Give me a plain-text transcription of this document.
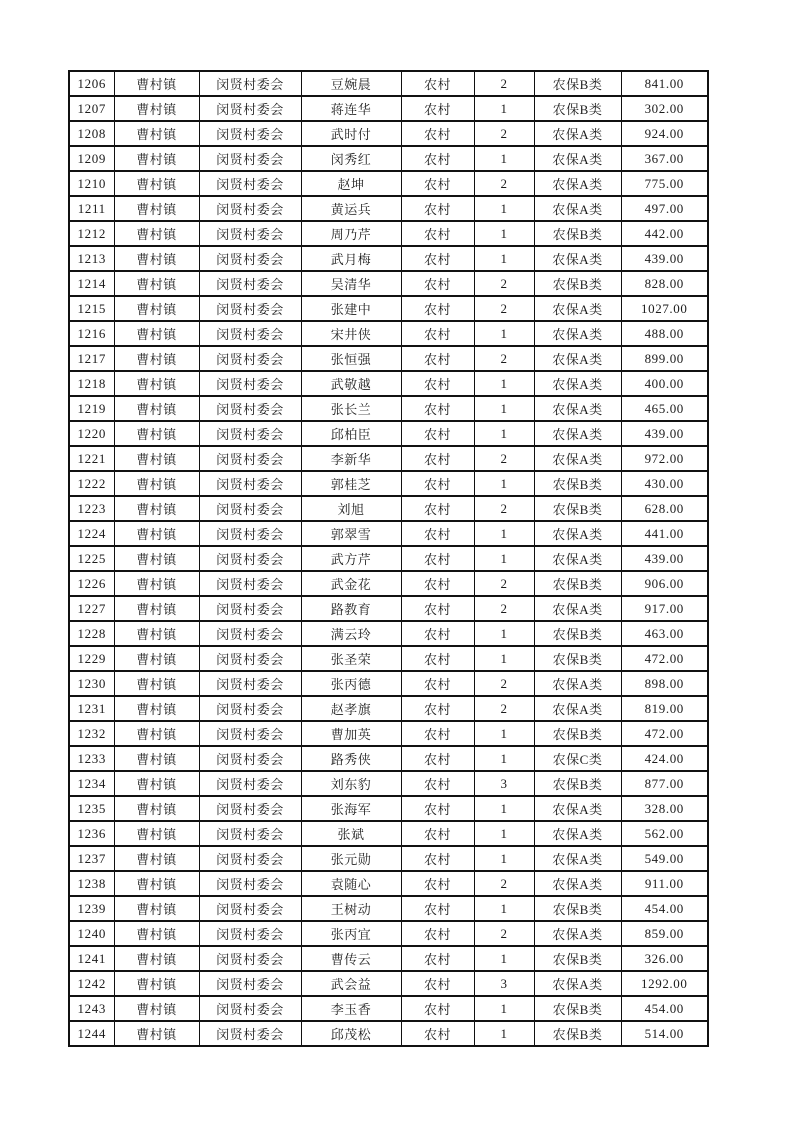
1206	曹村镇	闵贤村委会	豆婉晨	农村	2	农保B类	841.00
1207	曹村镇	闵贤村委会	蒋连华	农村	1	农保B类	302.00
1208	曹村镇	闵贤村委会	武时付	农村	2	农保A类	924.00
1209	曹村镇	闵贤村委会	闵秀红	农村	1	农保A类	367.00
1210	曹村镇	闵贤村委会	赵坤	农村	2	农保A类	775.00
1211	曹村镇	闵贤村委会	黄运兵	农村	1	农保A类	497.00
1212	曹村镇	闵贤村委会	周乃芹	农村	1	农保B类	442.00
1213	曹村镇	闵贤村委会	武月梅	农村	1	农保A类	439.00
1214	曹村镇	闵贤村委会	吴清华	农村	2	农保B类	828.00
1215	曹村镇	闵贤村委会	张建中	农村	2	农保A类	1027.00
1216	曹村镇	闵贤村委会	宋井侠	农村	1	农保A类	488.00
1217	曹村镇	闵贤村委会	张恒强	农村	2	农保A类	899.00
1218	曹村镇	闵贤村委会	武敬越	农村	1	农保A类	400.00
1219	曹村镇	闵贤村委会	张长兰	农村	1	农保A类	465.00
1220	曹村镇	闵贤村委会	邱柏臣	农村	1	农保A类	439.00
1221	曹村镇	闵贤村委会	李新华	农村	2	农保A类	972.00
1222	曹村镇	闵贤村委会	郭桂芝	农村	1	农保B类	430.00
1223	曹村镇	闵贤村委会	刘旭	农村	2	农保B类	628.00
1224	曹村镇	闵贤村委会	郭翠雪	农村	1	农保A类	441.00
1225	曹村镇	闵贤村委会	武方芹	农村	1	农保A类	439.00
1226	曹村镇	闵贤村委会	武金花	农村	2	农保B类	906.00
1227	曹村镇	闵贤村委会	路教育	农村	2	农保A类	917.00
1228	曹村镇	闵贤村委会	满云玲	农村	1	农保B类	463.00
1229	曹村镇	闵贤村委会	张圣荣	农村	1	农保B类	472.00
1230	曹村镇	闵贤村委会	张丙德	农村	2	农保A类	898.00
1231	曹村镇	闵贤村委会	赵孝旗	农村	2	农保A类	819.00
1232	曹村镇	闵贤村委会	曹加英	农村	1	农保B类	472.00
1233	曹村镇	闵贤村委会	路秀侠	农村	1	农保C类	424.00
1234	曹村镇	闵贤村委会	刘东豹	农村	3	农保B类	877.00
1235	曹村镇	闵贤村委会	张海军	农村	1	农保A类	328.00
1236	曹村镇	闵贤村委会	张斌	农村	1	农保A类	562.00
1237	曹村镇	闵贤村委会	张元勋	农村	1	农保A类	549.00
1238	曹村镇	闵贤村委会	袁随心	农村	2	农保A类	911.00
1239	曹村镇	闵贤村委会	王树动	农村	1	农保B类	454.00
1240	曹村镇	闵贤村委会	张丙宜	农村	2	农保A类	859.00
1241	曹村镇	闵贤村委会	曹传云	农村	1	农保B类	326.00
1242	曹村镇	闵贤村委会	武会益	农村	3	农保A类	1292.00
1243	曹村镇	闵贤村委会	李玉香	农村	1	农保B类	454.00
1244	曹村镇	闵贤村委会	邱茂松	农村	1	农保B类	514.00
